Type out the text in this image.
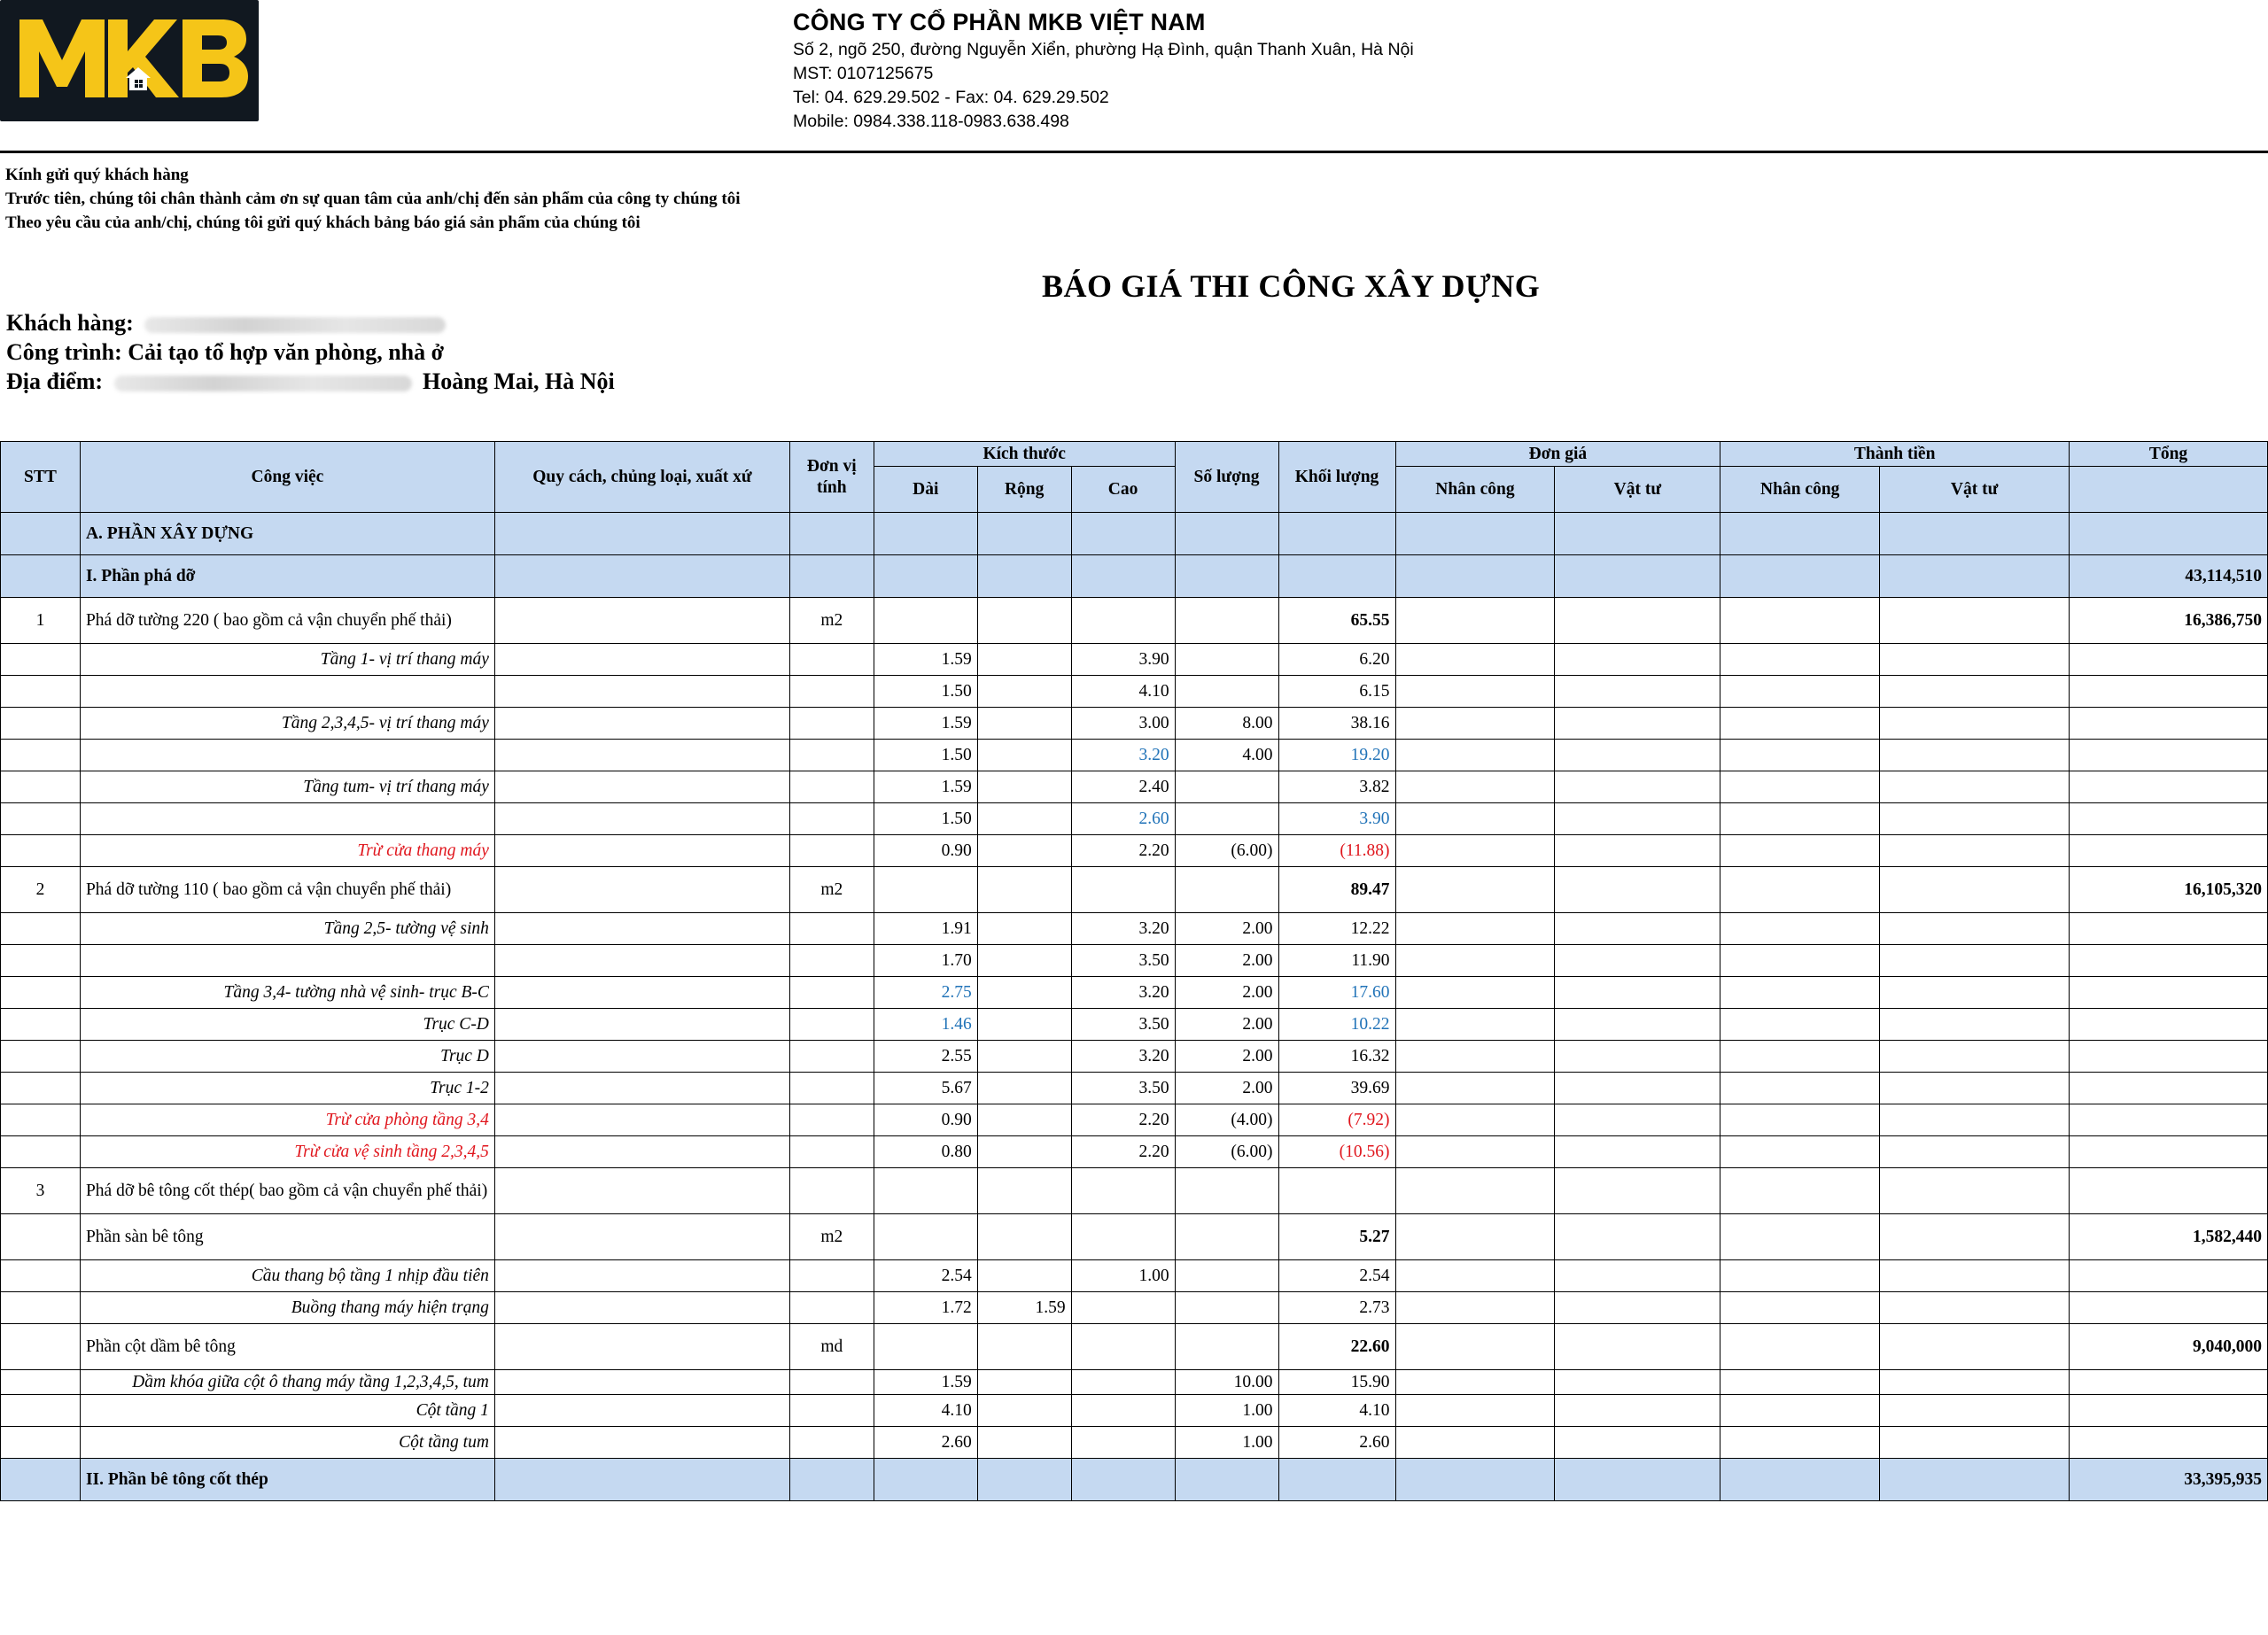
CÔNG TY CỔ PHẦN MKB VIỆT NAM
Số 2, ngõ 250, đường Nguyễn Xiển, phường Hạ Đình, quận Thanh Xuân, Hà Nội
MST: 0107125675
Tel: 04. 629.29.502 - Fax: 04. 629.29.502
Mobile: 0984.338.118-0983.638.498
Kính gửi quý khách hàng
Trước tiên, chúng tôi chân thành cảm ơn sự quan tâm của anh/chị đến sản phẩm của công ty chúng tôi
Theo yêu cầu của anh/chị, chúng tôi gửi quý khách bảng báo giá sản phẩm của chúng tôi
BÁO GIÁ THI CÔNG XÂY DỰNG
Khách hàng:
Công trình: Cải tạo tổ hợp văn phòng, nhà ở
Địa điểm:	Hoàng Mai, Hà Nội
STT	Công việc	Quy cách, chủng loại, xuất xứ	Đơn vị tính	Kích thước			Số lượng	Khối lượng	Đơn giá		Thành tiền		Tổng
				Dài	Rộng	Cao			Nhân công	Vật tư	Nhân công	Vật tư	
	A. PHẦN XÂY DỰNG												
	I. Phần phá dỡ												43,114,510
1	Phá dỡ tường 220 ( bao gồm cả vận chuyển phế thải)		m2					65.55					16,386,750
	Tầng 1- vị trí thang máy			1.59		3.90		6.20					
				1.50		4.10		6.15					
	Tầng 2,3,4,5- vị trí thang máy			1.59		3.00	8.00	38.16					
				1.50		3.20	4.00	19.20					
	Tầng tum- vị trí thang máy			1.59		2.40		3.82					
				1.50		2.60		3.90					
	Trừ cửa thang máy			0.90		2.20	(6.00)	(11.88)					
2	Phá dỡ tường 110 ( bao gồm cả vận chuyển phế thải)		m2					89.47					16,105,320
	Tầng 2,5- tường vệ sinh			1.91		3.20	2.00	12.22					
				1.70		3.50	2.00	11.90					
	Tầng 3,4- tường nhà vệ sinh- trục B-C			2.75		3.20	2.00	17.60					
	Trục C-D			1.46		3.50	2.00	10.22					
	Trục D			2.55		3.20	2.00	16.32					
	Trục 1-2			5.67		3.50	2.00	39.69					
	Trừ cửa phòng tầng 3,4			0.90		2.20	(4.00)	(7.92)					
	Trừ cửa vệ sinh tầng 2,3,4,5			0.80		2.20	(6.00)	(10.56)					
3	Phá dỡ bê tông cốt thép( bao gồm cả vận chuyển phế thải)												
	Phần sàn bê tông		m2					5.27					1,582,440
	Cầu thang bộ tầng 1 nhịp đầu tiên			2.54		1.00		2.54					
	Buồng thang máy hiện trạng			1.72	1.59			2.73					
	Phần cột dầm bê tông		md					22.60					9,040,000
	Dầm khóa giữa cột ô thang máy tầng 1,2,3,4,5, tum			1.59			10.00	15.90					
	Cột tầng 1			4.10			1.00	4.10					
	Cột tầng tum			2.60			1.00	2.60					
	II. Phần bê tông cốt thép												33,395,935
